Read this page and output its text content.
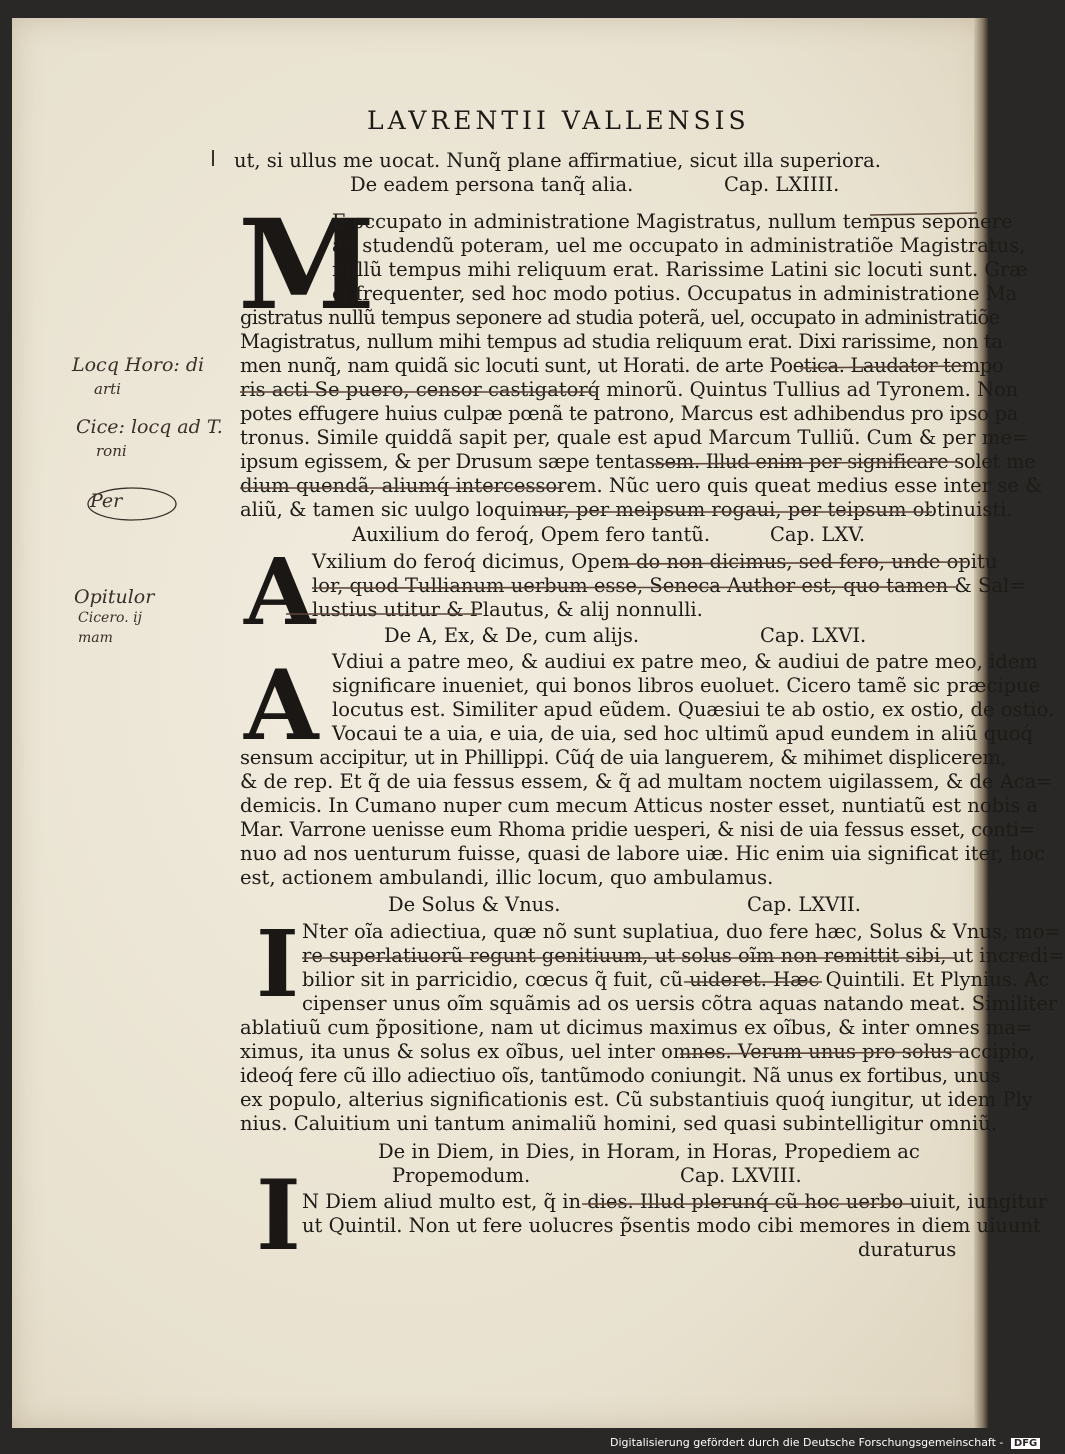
LAVRENTII VALLENSIS
ut, si ullus me uocat. Nunq̃ plane affirmatiue, sicut illa superiora.
De eadem persona tanq̃ alia.	Cap. LXIIII.
M
E occupato in administratione Magistratus, nullum tempus seponere
ad studendũ poteram, uel me occupato in administratiõe Magistratus,
nullũ tempus mihi reliquum erat. Rarissime Latini sic locuti sunt. Græ
ci frequenter, sed hoc modo potius. Occupatus in administratione Ma
gistratus nullũ tempus seponere ad studia poterã, uel, occupato in administratiõe
Magistratus, nullum mihi tempus ad studia reliquum erat. Dixi rarissime, non ta
men nunq̃, nam quidã sic locuti sunt, ut Horati. de arte Poetica. Laudator tempo
ris acti Se puero, censor castigatorq́ minorũ. Quintus Tullius ad Tyronem. Non
potes effugere huius culpæ pœnã te patrono, Marcus est adhibendus pro ipso pa
tronus. Simile quiddã sapit per, quale est apud Marcum Tulliũ. Cum & per me=
ipsum egissem, & per Drusum sæpe tentassem. Illud enim per significare solet me
dium quendã, aliumq́ intercessorem. Nũc uero quis queat medius esse inter se &
aliũ, & tamen sic uulgo loquimur, per meipsum rogaui, per teipsum obtinuisti.
Auxilium do feroq́, Opem fero tantũ.	Cap. LXV.
A
Vxilium do feroq́ dicimus, Opem do non dicimus, sed fero, unde opitu
lor, quod Tullianum uerbum esse, Seneca Author est, quo tamen & Sal=
lustius utitur & Plautus, & alij nonnulli.
De A, Ex, & De, cum alijs.	Cap. LXVI.
A Vdiui a patre meo, & audiui ex patre meo, & audiui de patre meo, idem
significare inueniet, qui bonos libros euoluet. Cicero tamẽ sic præcipue
locutus est. Similiter apud eũdem. Quæsiui te ab ostio, ex ostio, de ostio.
Vocaui te a uia, e uia, de uia, sed hoc ultimũ apud eundem in aliũ quoq́
sensum accipitur, ut in Phillippi. Cũq́ de uia languerem, & mihimet displicerem,
& de rep. Et q̃ de uia fessus essem, & q̃ ad multam noctem uigilassem, & de Aca=
demicis. In Cumano nuper cum mecum Atticus noster esset, nuntiatũ est nobis a
Mar. Varrone uenisse eum Rhoma pridie uesperi, & nisi de uia fessus esset, conti=
nuo ad nos uenturum fuisse, quasi de labore uiæ. Hic enim uia significat iter, hoc
est, actionem ambulandi, illic locum, quo ambulamus.
De Solus & Vnus.	Cap. LXVII.
I Nter oĩa adiectiua, quæ nõ sunt suplatiua, duo fere hæc, Solus & Vnus, mo=
re superlatiuorũ regunt genitiuum, ut solus oĩm non remittit sibi, ut incredi=
bilior sit in parricidio, cœcus q̃ fuit, cũ uideret. Hæc Quintili. Et Plynius. Ac
cipenser unus oĩm squãmis ad os uersis cõtra aquas natando meat. Similiter
ablatiuũ cum p̃positione, nam ut dicimus maximus ex oĩbus, & inter omnes ma=
ximus, ita unus & solus ex oĩbus, uel inter omnes. Verum unus pro solus accipio,
ideoq́ fere cũ illo adiectiuo oĩs, tantũmodo coniungit. Nã unus ex fortibus, unus
ex populo, alterius significationis est. Cũ substantiuis quoq́ iungitur, ut idem Ply
nius. Caluitium uni tantum animaliũ homini, sed quasi subintelligitur omniũ.
De in Diem, in Dies, in Horam, in Horas, Propediem ac
Propemodum.	Cap. LXVIII.
I N Diem aliud multo est, q̃ in dies. Illud plerunq́ cũ hoc uerbo uiuit, iungitur
ut Quintil. Non ut fere uolucres p̃sentis modo cibi memores in diem uiuunt
duraturus
Locq Horo: di
arti
Cice: locq ad T.
roni
Per
Opitulor
Cicero. ij
mam
Digitalisierung gefördert durch die Deutsche Forschungsgemeinschaft - DFG
